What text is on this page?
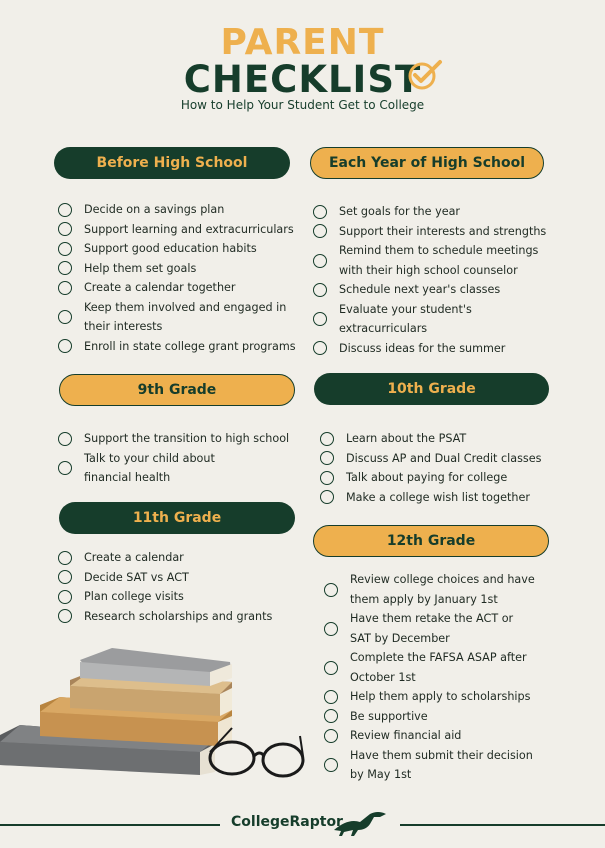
PARENT
CHECKLIST
How to Help Your Student Get to College
Before High School
Decide on a savings plan
Support learning and extracurriculars
Support good education habits
Help them set goals
Create a calendar together
Keep them involved and engaged in their interests
Enroll in state college grant programs
Each Year of High School
Set goals for the year
Support their interests and strengths
Remind them to schedule meetings with their high school counselor
Schedule next year's classes
Evaluate your student's extracurriculars
Discuss ideas for the summer
9th Grade
Support the transition to high school
Talk to your child about financial health
10th Grade
Learn about the PSAT
Discuss AP and Dual Credit classes
Talk about paying for college
Make a college wish list together
11th Grade
Create a calendar
Decide SAT vs ACT
Plan college visits
Research scholarships and grants
12th Grade
Review college choices and have them apply by January 1st
Have them retake the ACT or SAT by December
Complete the FAFSA ASAP after October 1st
Help them apply to scholarships
Be supportive
Review financial aid
Have them submit their decision by May 1st
CollegeRaptor
